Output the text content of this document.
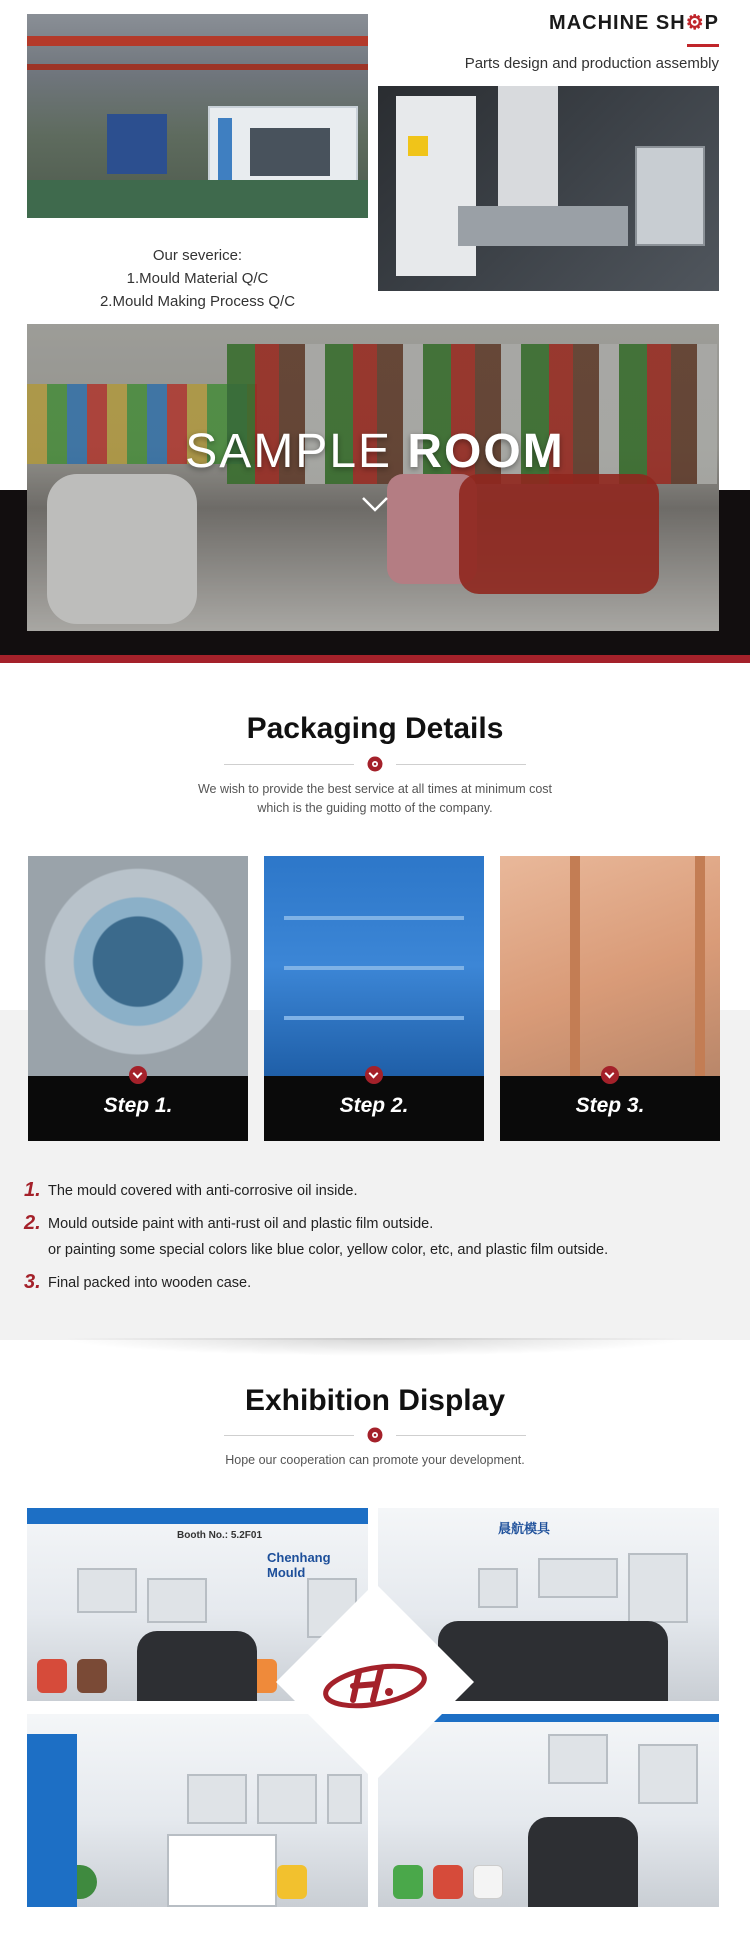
MACHINE SH⚙P
Parts design and production assembly
Our severice:
1.Mould Material Q/C
2.Mould Making Process Q/C
SAMPLE ROOM
Packaging Details
We wish to provide the best service at all times at minimum cost
which is the guiding motto of the company.
Step 1.	Step 2.	Step 3.
1. The mould covered with anti-corrosive oil inside.
2. Mould outside paint with anti-rust oil and plastic film outside.
or painting some special colors like blue color, yellow color, etc, and plastic film outside.
3. Final packed into wooden case.
Exhibition Display
Hope our cooperation can promote your development.
Chenhang Mould
Booth No.: 5.2F01	晨航模具
